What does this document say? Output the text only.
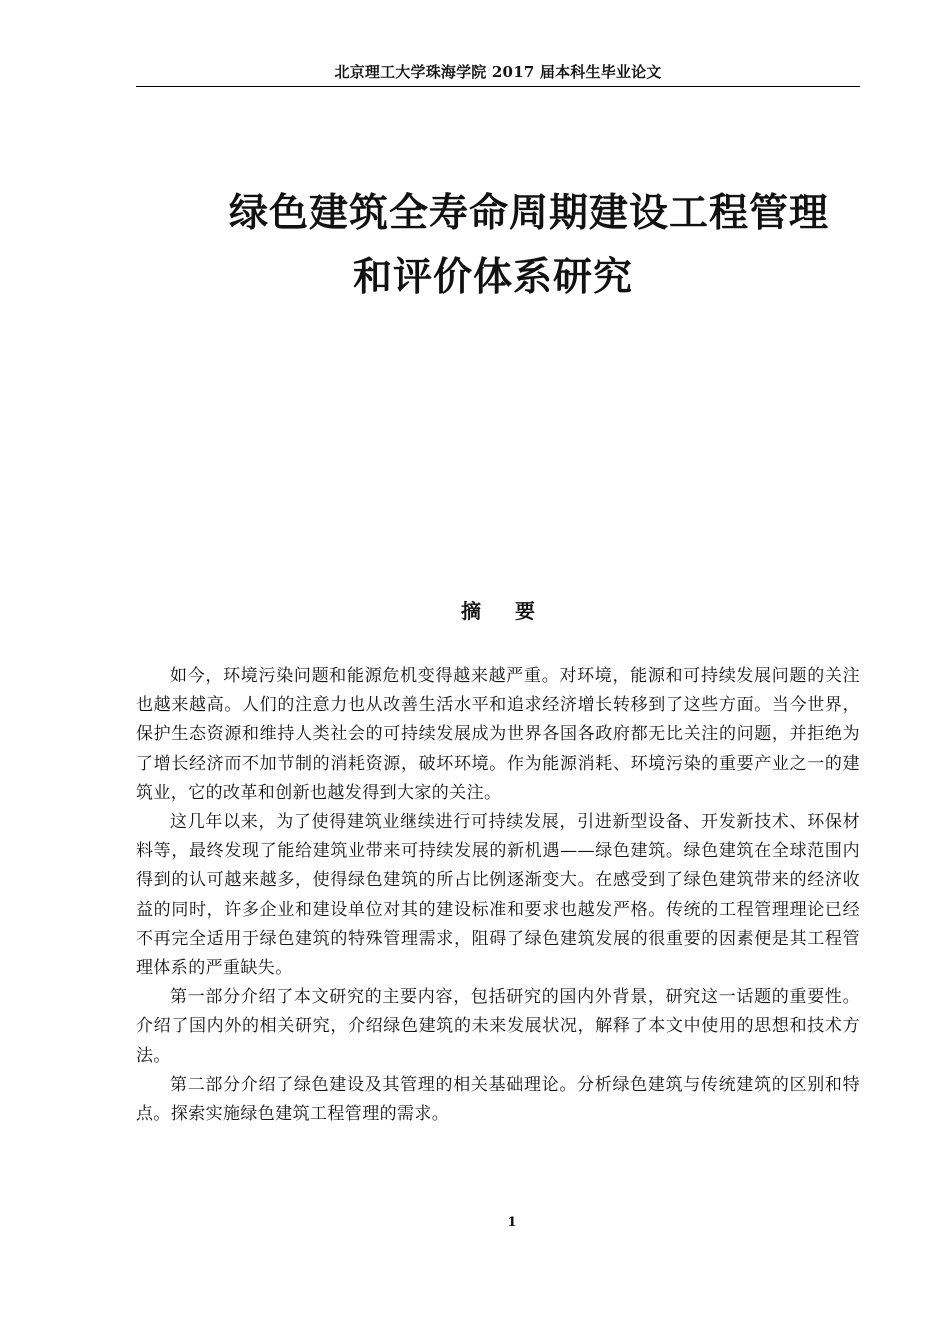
北京理工大学珠海学院 2017 届本科生毕业论文
绿色建筑全寿命周期建设工程管理
和评价体系研究
摘要

如今，环境污染问题和能源危机变得越来越严重。对环境，能源和可持续发展问题的关注也越来越高。人们的注意力也从改善生活水平和追求经济增长转移到了这些方面。当今世界，保护生态资源和维持人类社会的可持续发展成为世界各国各政府都无比关注的问题，并拒绝为了增长经济而不加节制的消耗资源，破坏环境。作为能源消耗、环境污染的重要产业之一的建筑业，它的改革和创新也越发得到大家的关注。

这几年以来，为了使得建筑业继续进行可持续发展，引进新型设备、开发新技术、环保材料等，最终发现了能给建筑业带来可持续发展的新机遇——绿色建筑。绿色建筑在全球范围内得到的认可越来越多，使得绿色建筑的所占比例逐渐变大。在感受到了绿色建筑带来的经济收益的同时，许多企业和建设单位对其的建设标准和要求也越发严格。传统的工程管理理论已经不再完全适用于绿色建筑的特殊管理需求，阻碍了绿色建筑发展的很重要的因素便是其工程管理体系的严重缺失。

第一部分介绍了本文研究的主要内容，包括研究的国内外背景，研究这一话题的重要性。介绍了国内外的相关研究，介绍绿色建筑的未来发展状况，解释了本文中使用的思想和技术方法。

第二部分介绍了绿色建设及其管理的相关基础理论。分析绿色建筑与传统建筑的区别和特点。探索实施绿色建筑工程管理的需求。

1
